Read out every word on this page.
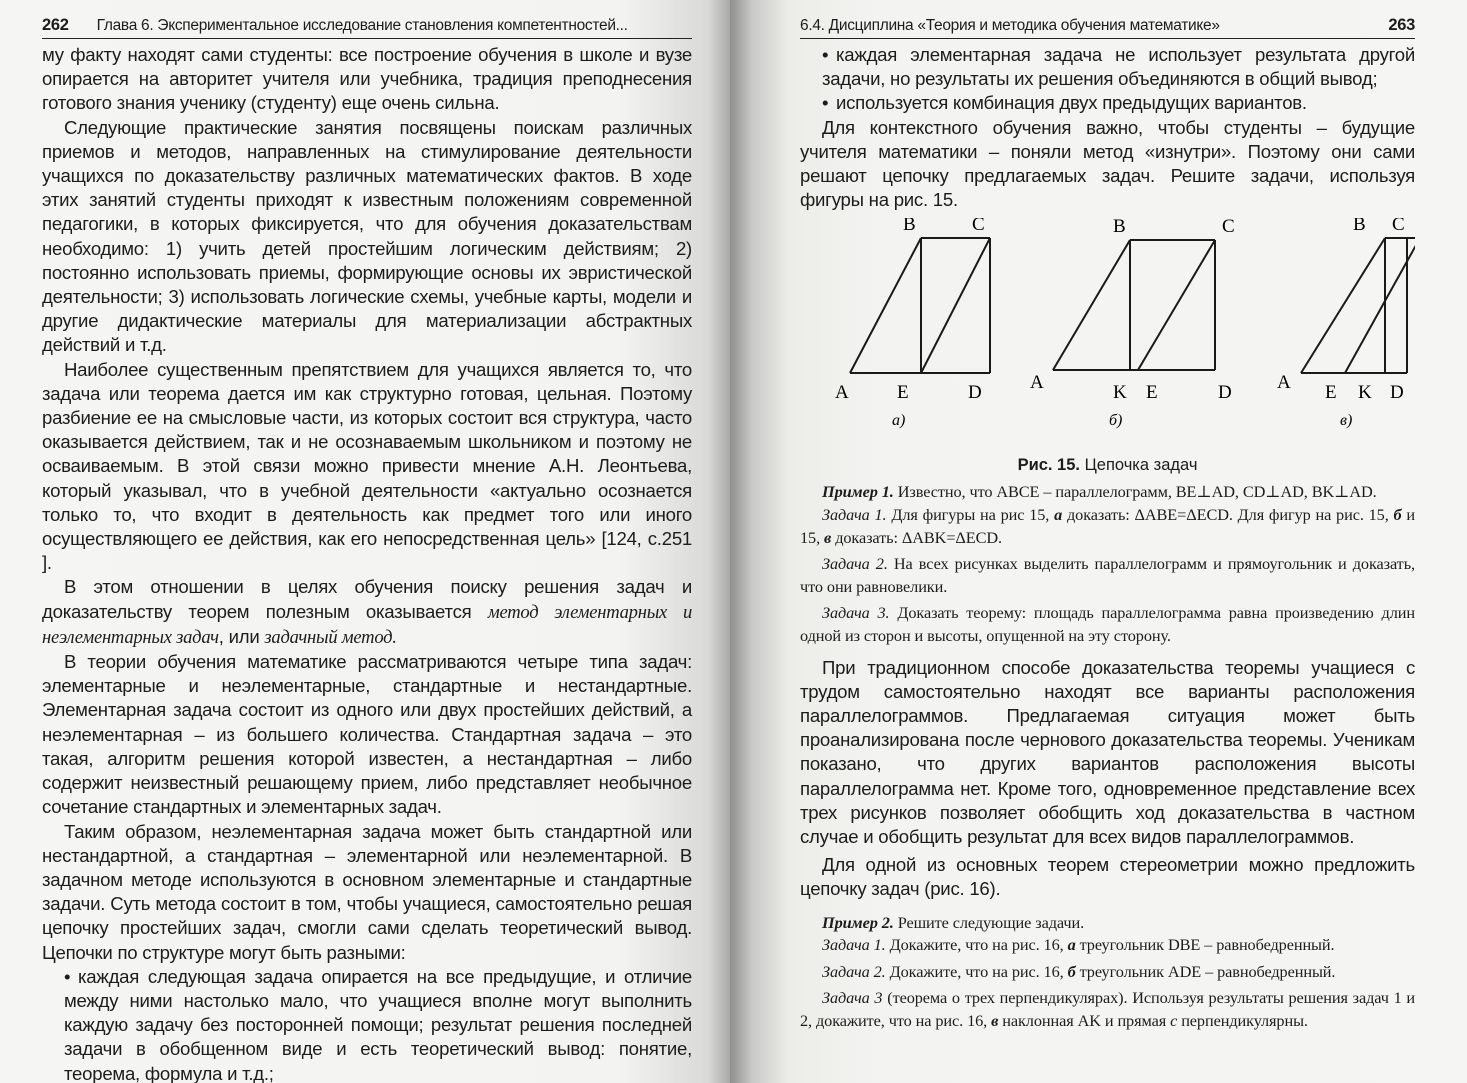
262 Глава 6. Экспериментальное исследование становления компетентностей...

му факту находят сами студенты: все построение обучения в школе и вузе опирается на авторитет учителя или учебника, традиция преподнесения готового знания ученику (студенту) еще очень сильна.

Следующие практические занятия посвящены поискам различных приемов и методов, направленных на стимулирование деятельности учащихся по доказательству различных математических фактов. В ходе этих занятий студенты приходят к известным положениям современной педагогики, в которых фиксируется, что для обучения доказательствам необходимо: 1) учить детей простейшим логическим действиям; 2) постоянно использовать приемы, формирующие основы их эвристической деятельности; 3) использовать логические схемы, учебные карты, модели и другие дидактические материалы для материализации абстрактных действий и т.д.

Наиболее существенным препятствием для учащихся является то, что задача или теорема дается им как структурно готовая, цельная. Поэтому разбиение ее на смысловые части, из которых состоит вся структура, часто оказывается действием, так и не осознаваемым школьником и поэтому не осваиваемым. В этой связи можно привести мнение А.Н. Леонтьева, который указывал, что в учебной деятельности «актуально осознается только то, что входит в деятельность как предмет того или иного осуществляющего ее действия, как его непосредственная цель» [124, с.251 ].

В этом отношении в целях обучения поиску решения задач и доказательству теорем полезным оказывается метод элементарных и неэлементарных задач, или задачный метод.

В теории обучения математике рассматриваются четыре типа задач: элементарные и неэлементарные, стандартные и нестандартные. Элементарная задача состоит из одного или двух простейших действий, а неэлементарная – из большего количества. Стандартная задача – это такая, алгоритм решения которой известен, а нестандартная – либо содержит неизвестный решающему прием, либо представляет необычное сочетание стандартных и элементарных задач.

Таким образом, неэлементарная задача может быть стандартной или нестандартной, а стандартная – элементарной или неэлементарной. В задачном методе используются в основном элементарные и стандартные задачи. Суть метода состоит в том, чтобы учащиеся, самостоятельно решая цепочку простейших задач, смогли сами сделать теоретический вывод. Цепочки по структуре могут быть разными:

• каждая следующая задача опирается на все предыдущие, и отличие между ними настолько мало, что учащиеся вполне могут выполнить каждую задачу без посторонней помощи; результат решения последней задачи в обобщенном виде и есть теоретический вывод: понятие, теорема, формула и т.д.;

6.4. Дисциплина «Теория и методика обучения математике»	263

• каждая элементарная задача не использует результата другой задачи, но результаты их решения объединяются в общий вывод;

• используется комбинация двух предыдущих вариантов.

Для контекстного обучения важно, чтобы студенты – будущие учителя математики – поняли метод «изнутри». Поэтому они сами решают цепочку предлагаемых задач. Решите задачи, используя фигуры на рис. 15.

B	C
A	E	D
а)
B	C
A	K E	D
б)
B C
A E K D
в)
Рис. 15. Цепочка задач

Пример 1. Известно, что ABCE – параллелограмм, BE⊥AD, CD⊥AD, BK⊥AD.

Задача 1. Для фигуры на рис 15, а доказать: ΔABE=ΔECD. Для фигур на рис. 15, б и 15, в доказать: ΔABK=ΔECD.

Задача 2. На всех рисунках выделить параллелограмм и прямоугольник и доказать, что они равновелики.

Задача 3. Доказать теорему: площадь параллелограмма равна произведению длин одной из сторон и высоты, опущенной на эту сторону.

При традиционном способе доказательства теоремы учащиеся с трудом самостоятельно находят все варианты расположения параллелограммов. Предлагаемая ситуация может быть проанализирована после чернового доказательства теоремы. Ученикам показано, что других вариантов расположения высоты параллелограмма нет. Кроме того, одновременное представление всех трех рисунков позволяет обобщить ход доказательства в частном случае и обобщить результат для всех видов параллелограммов.

Для одной из основных теорем стереометрии можно предложить цепочку задач (рис. 16).

Пример 2. Решите следующие задачи.

Задача 1. Докажите, что на рис. 16, а треугольник DBE – равнобедренный.

Задача 2. Докажите, что на рис. 16, б треугольник ADE – равнобедренный.

Задача 3 (теорема о трех перпендикулярах). Используя результаты решения задач 1 и 2, докажите, что на рис. 16, в наклонная AK и прямая c перпендикулярны.
